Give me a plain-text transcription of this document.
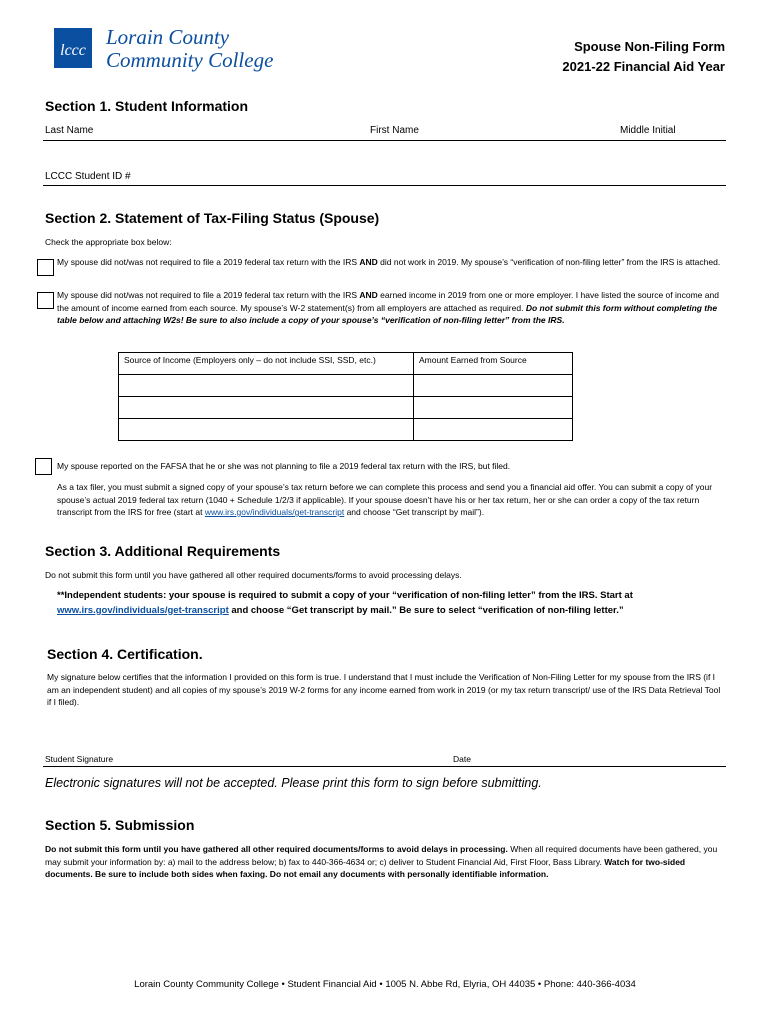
lccc
Lorain County
Community College
Spouse Non-Filing Form
2021-22 Financial Aid Year
Section 1. Student Information
Last Name	First Name	Middle Initial
LCCC Student ID #
Section 2. Statement of Tax-Filing Status (Spouse)
Check the appropriate box below:
My spouse did not/was not required to file a 2019 federal tax return with the IRS AND did not work in 2019. My spouse’s “verification of non-filing letter” from the IRS is attached.
My spouse did not/was not required to file a 2019 federal tax return with the IRS AND earned income in 2019 from one or more employer. I have listed the source of income and the amount of income earned from each source. My spouse’s W-2 statement(s) from all employers are attached as required. Do not submit this form without completing the table below and attaching W2s! Be sure to also include a copy of your spouse’s “verification of non-filing letter” from the IRS.
Source of Income (Employers only – do not include SSI, SSD, etc.)	Amount Earned from Source

My spouse reported on the FAFSA that he or she was not planning to file a 2019 federal tax return with the IRS, but filed.
As a tax filer, you must submit a signed copy of your spouse’s tax return before we can complete this process and send you a financial aid offer. You can submit a copy of your spouse’s actual 2019 federal tax return (1040 + Schedule 1/2/3 if applicable). If your spouse doesn’t have his or her tax return, her or she can order a copy of the tax return transcript from the IRS for free (start at www.irs.gov/individuals/get-transcript and choose “Get transcript by mail”).
Section 3. Additional Requirements
Do not submit this form until you have gathered all other required documents/forms to avoid processing delays.
**Independent students: your spouse is required to submit a copy of your “verification of non-filing letter” from the IRS. Start at www.irs.gov/individuals/get-transcript and choose “Get transcript by mail.” Be sure to select “verification of non-filing letter.”
Section 4. Certification.
My signature below certifies that the information I provided on this form is true. I understand that I must include the Verification of Non-Filing Letter for my spouse from the IRS (if I am an independent student) and all copies of my spouse’s 2019 W-2 forms for any income earned from work in 2019 (or my tax return transcript/ use of the IRS Data Retrieval Tool if I filed).
Student Signature	Date
Electronic signatures will not be accepted. Please print this form to sign before submitting.
Section 5. Submission
Do not submit this form until you have gathered all other required documents/forms to avoid delays in processing. When all required documents have been gathered, you may submit your information by: a) mail to the address below; b) fax to 440-366-4634 or; c) deliver to Student Financial Aid, First Floor, Bass Library. Watch for two-sided documents. Be sure to include both sides when faxing. Do not email any documents with personally identifiable information.
Lorain County Community College • Student Financial Aid • 1005 N. Abbe Rd, Elyria, OH 44035 • Phone: 440-366-4034
